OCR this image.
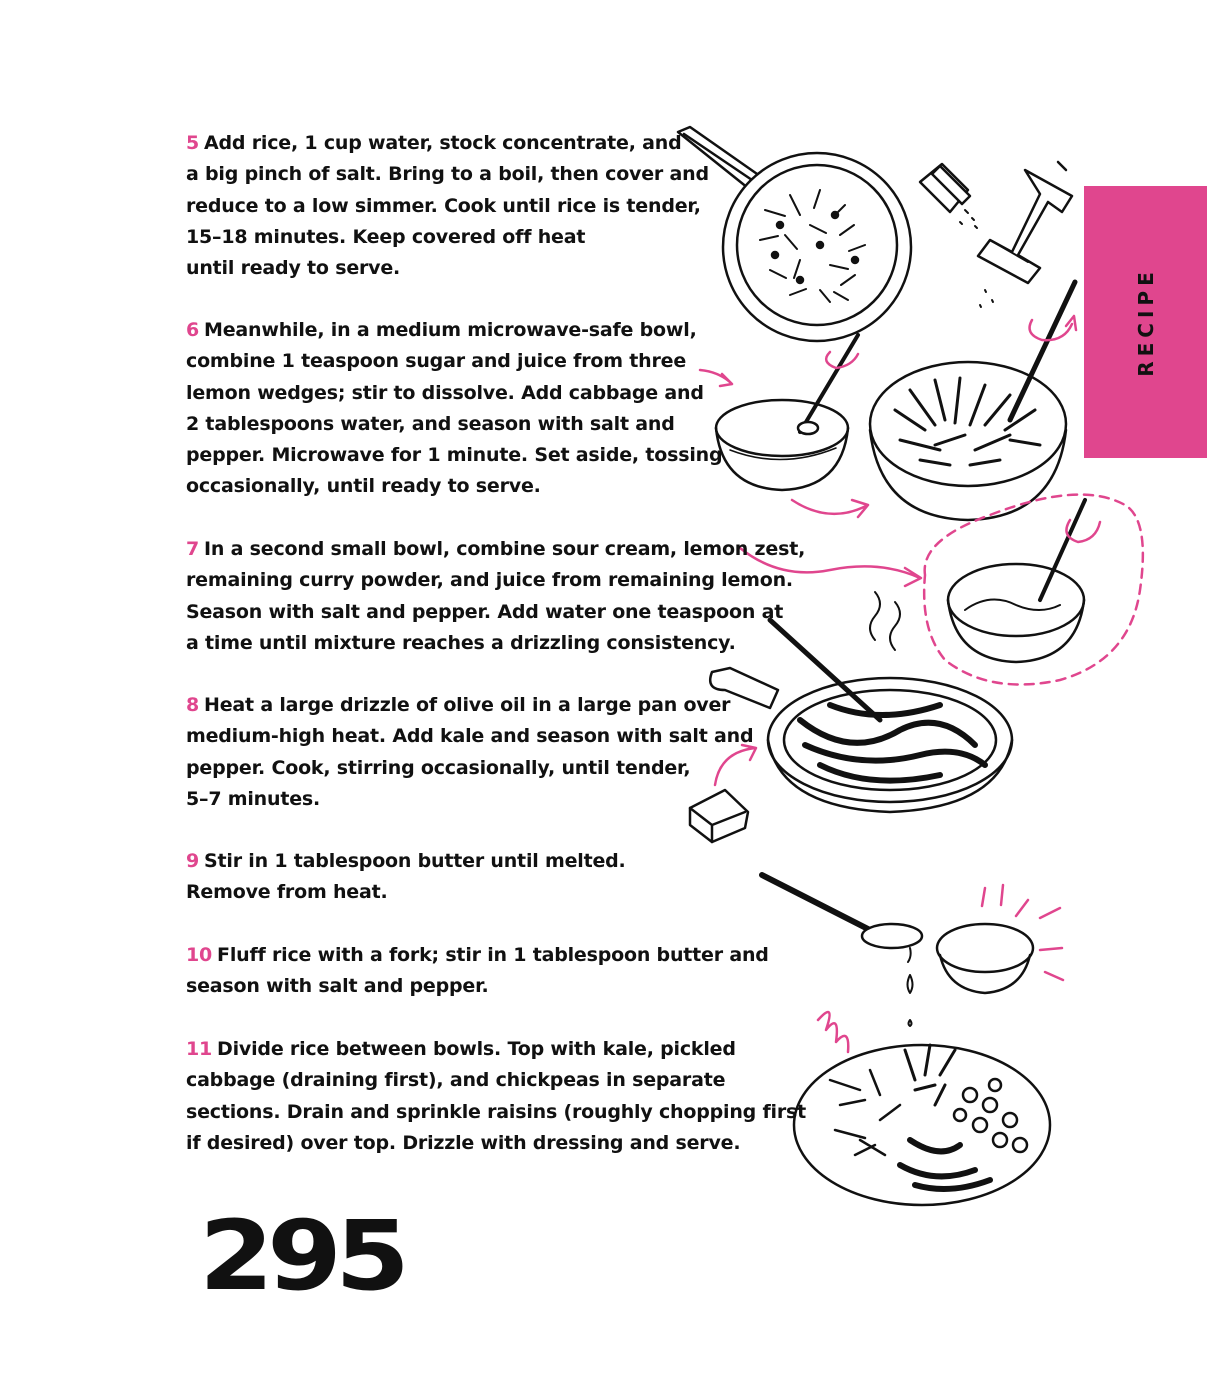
RECIPE

5 Add rice, 1 cup water, stock concentrate, and
a big pinch of salt. Bring to a boil, then cover and
reduce to a low simmer. Cook until rice is tender,
15–18 minutes. Keep covered off heat
until ready to serve.

6 Meanwhile, in a medium microwave-safe bowl,
combine 1 teaspoon sugar and juice from three
lemon wedges; stir to dissolve. Add cabbage and
2 tablespoons water, and season with salt and
pepper. Microwave for 1 minute. Set aside, tossing
occasionally, until ready to serve.

7 In a second small bowl, combine sour cream, lemon zest,
remaining curry powder, and juice from remaining lemon.
Season with salt and pepper. Add water one teaspoon at
a time until mixture reaches a drizzling consistency.

8 Heat a large drizzle of olive oil in a large pan over
medium-high heat. Add kale and season with salt and
pepper. Cook, stirring occasionally, until tender,
5–7 minutes.

9 Stir in 1 tablespoon butter until melted.
Remove from heat.

10 Fluff rice with a fork; stir in 1 tablespoon butter and
season with salt and pepper.

11 Divide rice between bowls. Top with kale, pickled
cabbage (draining first), and chickpeas in separate
sections. Drain and sprinkle raisins (roughly chopping first
if desired) over top. Drizzle with dressing and serve.

295
